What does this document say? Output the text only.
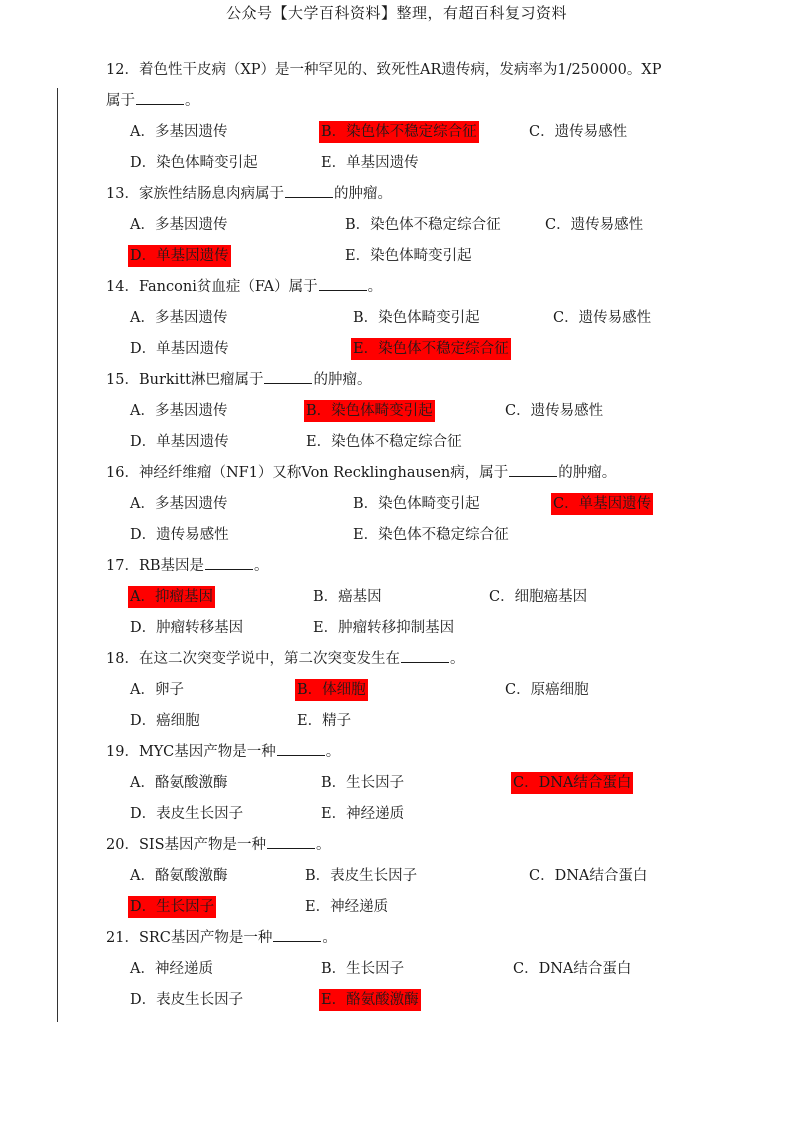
公众号【大学百科资料】整理，有超百科复习资料
12．着色性干皮病（XP）是一种罕见的、致死性AR遗传病，发病率为1/250000。XP
属于	。
A．多基因遗传	B．染色体不稳定综合征	C．遗传易感性
D．染色体畸变引起	E．单基因遗传
13．家族性结肠息肉病属于	的肿瘤。
A．多基因遗传	B．染色体不稳定综合征	C．遗传易感性
D．单基因遗传	E．染色体畸变引起
14．Fanconi贫血症（FA）属于	。
A．多基因遗传	B．染色体畸变引起	C．遗传易感性
D．单基因遗传	E．染色体不稳定综合征
15．Burkitt淋巴瘤属于	的肿瘤。
A．多基因遗传	B．染色体畸变引起	C．遗传易感性
D．单基因遗传	E．染色体不稳定综合征
16．神经纤维瘤（NF1）又称Von Recklinghausen病，属于	的肿瘤。
A．多基因遗传	B．染色体畸变引起	C．单基因遗传
D．遗传易感性	E．染色体不稳定综合征
17．RB基因是	。
A．抑瘤基因	B．癌基因	C．细胞癌基因
D．肿瘤转移基因	E．肿瘤转移抑制基因
18．在这二次突变学说中，第二次突变发生在	。
A．卵子	B．体细胞	C．原癌细胞
D．癌细胞	E．精子
19．MYC基因产物是一种	。
A．酪氨酸激酶	B．生长因子	C．DNA结合蛋白
D．表皮生长因子	E．神经递质
20．SIS基因产物是一种	。
A．酪氨酸激酶	B．表皮生长因子	C．DNA结合蛋白
D．生长因子	E．神经递质
21．SRC基因产物是一种	。
A．神经递质	B．生长因子	C．DNA结合蛋白
D．表皮生长因子	E．酪氨酸激酶
